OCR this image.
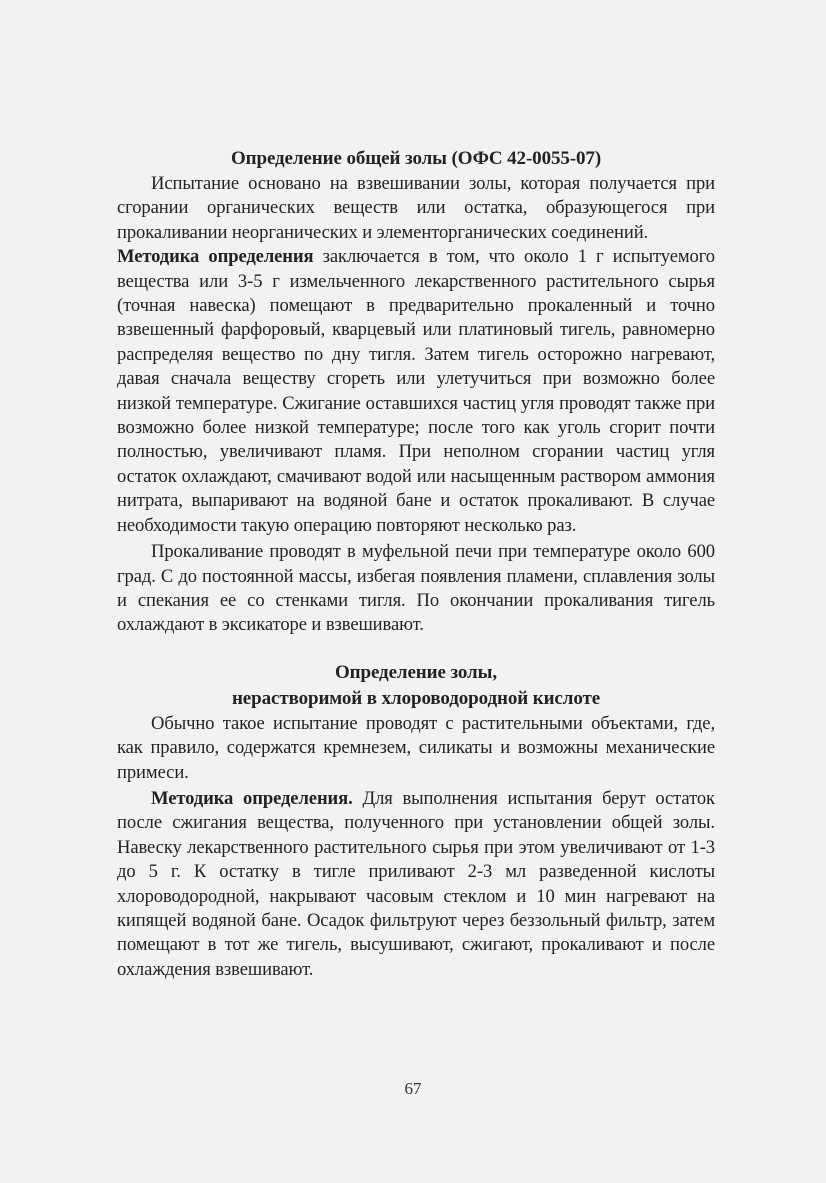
Определение общей золы (ОФС 42-0055-07)

Испытание основано на взвешивании золы, которая получается при сгорании органических веществ или остатка, образующегося при прокаливании неорганических и элементорганических соединений.

Методика определения заключается в том, что около 1 г испытуемого вещества или 3-5 г измельченного лекарственного растительного сырья (точная навеска) помещают в предварительно прокаленный и точно взвешенный фарфоровый, кварцевый или платиновый тигель, равномерно распределяя вещество по дну тигля. Затем тигель осторожно нагревают, давая сначала веществу сгореть или улетучиться при возможно более низкой температуре. Сжигание оставшихся частиц угля проводят также при возможно более низкой температуре; после того как уголь сгорит почти полностью, увеличивают пламя. При неполном сгорании частиц угля остаток охлаждают, смачивают водой или насыщенным раствором аммония нитрата, выпаривают на водяной бане и остаток прокаливают. В случае необходимости такую операцию повторяют несколько раз.

Прокаливание проводят в муфельной печи при температуре около 600 град. С до постоянной массы, избегая появления пламени, сплавления золы и спекания ее со стенками тигля. По окончании прокаливания тигель охлаждают в эксикаторе и взвешивают.

Определение золы,
нерастворимой в хлороводородной кислоте

Обычно такое испытание проводят с растительными объектами, где, как правило, содержатся кремнезем, силикаты и возможны механические примеси.

Методика определения. Для выполнения испытания берут остаток после сжигания вещества, полученного при установлении общей золы. Навеску лекарственного растительного сырья при этом увеличивают от 1-3 до 5 г. К остатку в тигле приливают 2-3 мл разведенной кислоты хлороводородной, накрывают часовым стеклом и 10 мин нагревают на кипящей водяной бане. Осадок фильтруют через беззольный фильтр, затем помещают в тот же тигель, высушивают, сжигают, прокаливают и после охлаждения взвешивают.

67
